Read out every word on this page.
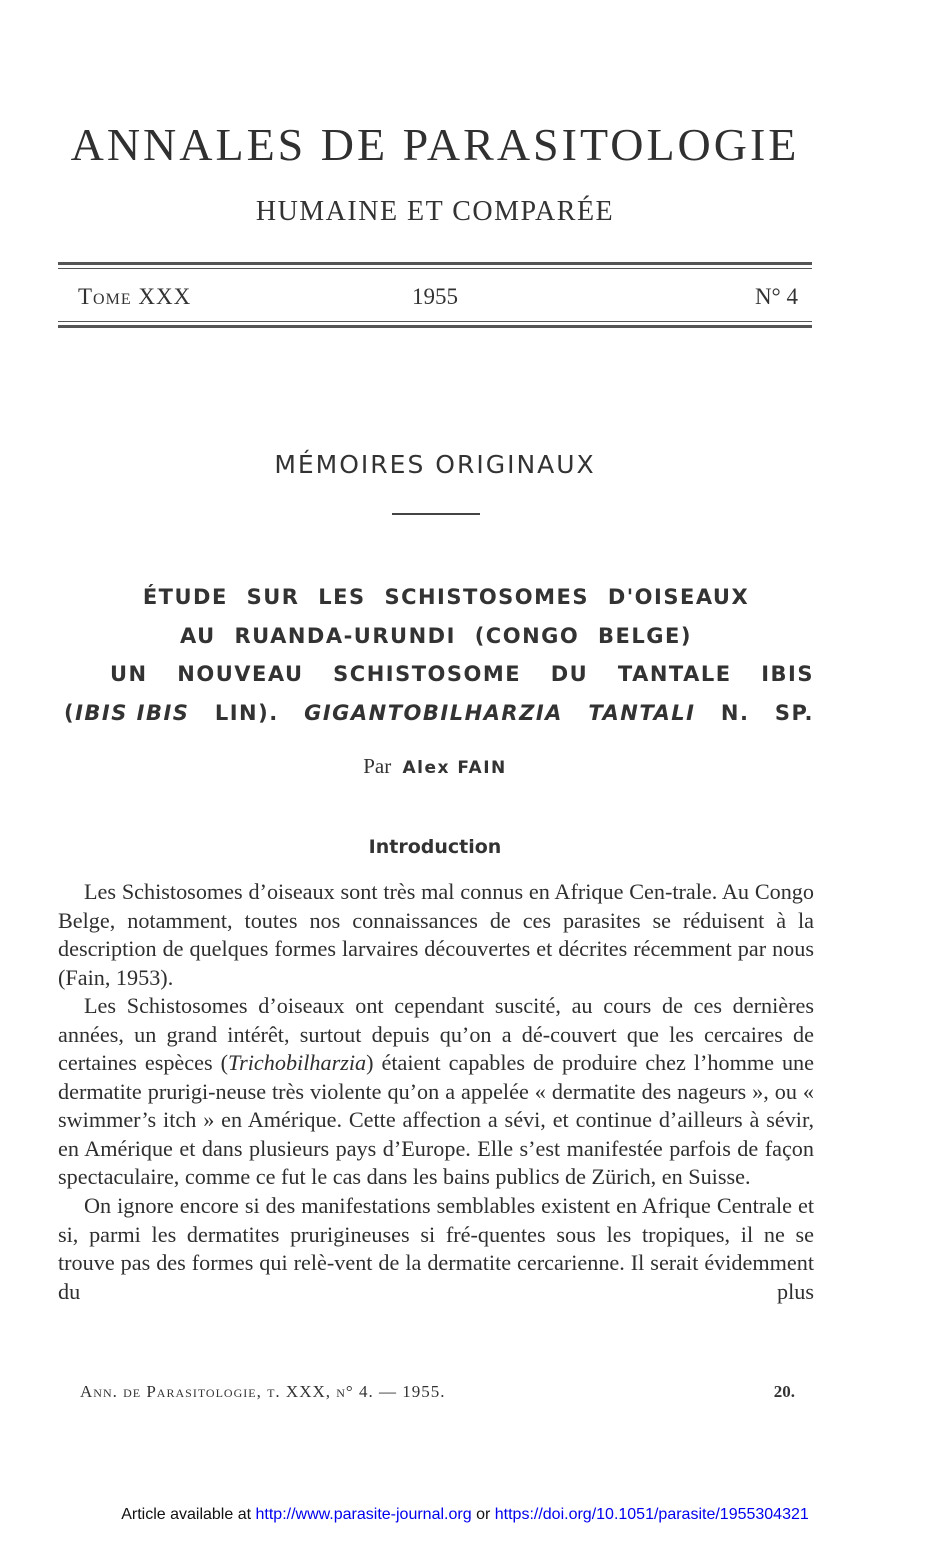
ANNALES DE PARASITOLOGIE
HUMAINE ET COMPARÉE
Tome XXX	1955	N° 4
MÉMOIRES ORIGINAUX
ÉTUDE SUR LES SCHISTOSOMES D'OISEAUX
AU RUANDA-URUNDI (CONGO BELGE)
UN NOUVEAU SCHISTOSOME DU TANTALE IBIS
(IBIS IBIS LIN). GIGANTOBILHARZIA TANTALI N. SP.
Par Alex FAIN
Introduction

Les Schistosomes d’oiseaux sont très mal connus en Afrique Cen-trale. Au Congo Belge, notamment, toutes nos connaissances de ces parasites se réduisent à la description de quelques formes larvaires découvertes et décrites récemment par nous (Fain, 1953).

Les Schistosomes d’oiseaux ont cependant suscité, au cours de ces dernières années, un grand intérêt, surtout depuis qu’on a dé-couvert que les cercaires de certaines espèces (Trichobilharzia) étaient capables de produire chez l’homme une dermatite prurigi-neuse très violente qu’on a appelée « dermatite des nageurs », ou « swimmer’s itch » en Amérique. Cette affection a sévi, et continue d’ailleurs à sévir, en Amérique et dans plusieurs pays d’Europe. Elle s’est manifestée parfois de façon spectaculaire, comme ce fut le cas dans les bains publics de Zürich, en Suisse.

On ignore encore si des manifestations semblables existent en Afrique Centrale et si, parmi les dermatites prurigineuses si fré-quentes sous les tropiques, il ne se trouve pas des formes qui relè-vent de la dermatite cercarienne. Il serait évidemment du plus

Ann. de Parasitologie, t. XXX, n° 4. — 1955.	20.
Article available at http://www.parasite-journal.org or https://doi.org/10.1051/parasite/1955304321
